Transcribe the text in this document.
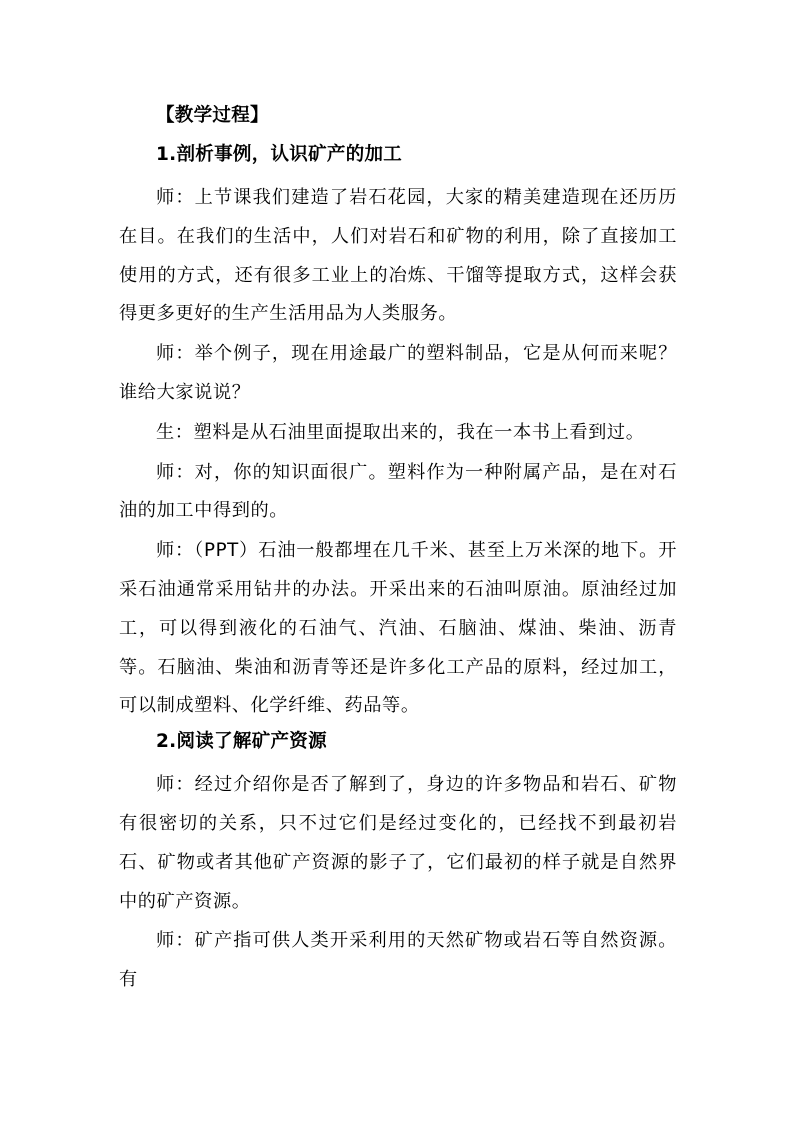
【教学过程】
1.剖析事例，认识矿产的加工

师：上节课我们建造了岩石花园，大家的精美建造现在还历历在目。在我们的生活中，人们对岩石和矿物的利用，除了直接加工使用的方式，还有很多工业上的冶炼、干馏等提取方式，这样会获得更多更好的生产生活用品为人类服务。

师：举个例子，现在用途最广的塑料制品，它是从何而来呢？谁给大家说说？

生：塑料是从石油里面提取出来的，我在一本书上看到过。

师：对，你的知识面很广。塑料作为一种附属产品，是在对石油的加工中得到的。

师：（PPT）石油一般都埋在几千米、甚至上万米深的地下。开采石油通常采用钻井的办法。开采出来的石油叫原油。原油经过加工，可以得到液化的石油气、汽油、石脑油、煤油、柴油、沥青等。石脑油、柴油和沥青等还是许多化工产品的原料，经过加工，可以制成塑料、化学纤维、药品等。

2.阅读了解矿产资源

师：经过介绍你是否了解到了，身边的许多物品和岩石、矿物有很密切的关系，只不过它们是经过变化的，已经找不到最初岩石、矿物或者其他矿产资源的影子了，它们最初的样子就是自然界中的矿产资源。

师：矿产指可供人类开采利用的天然矿物或岩石等自然资源。有
